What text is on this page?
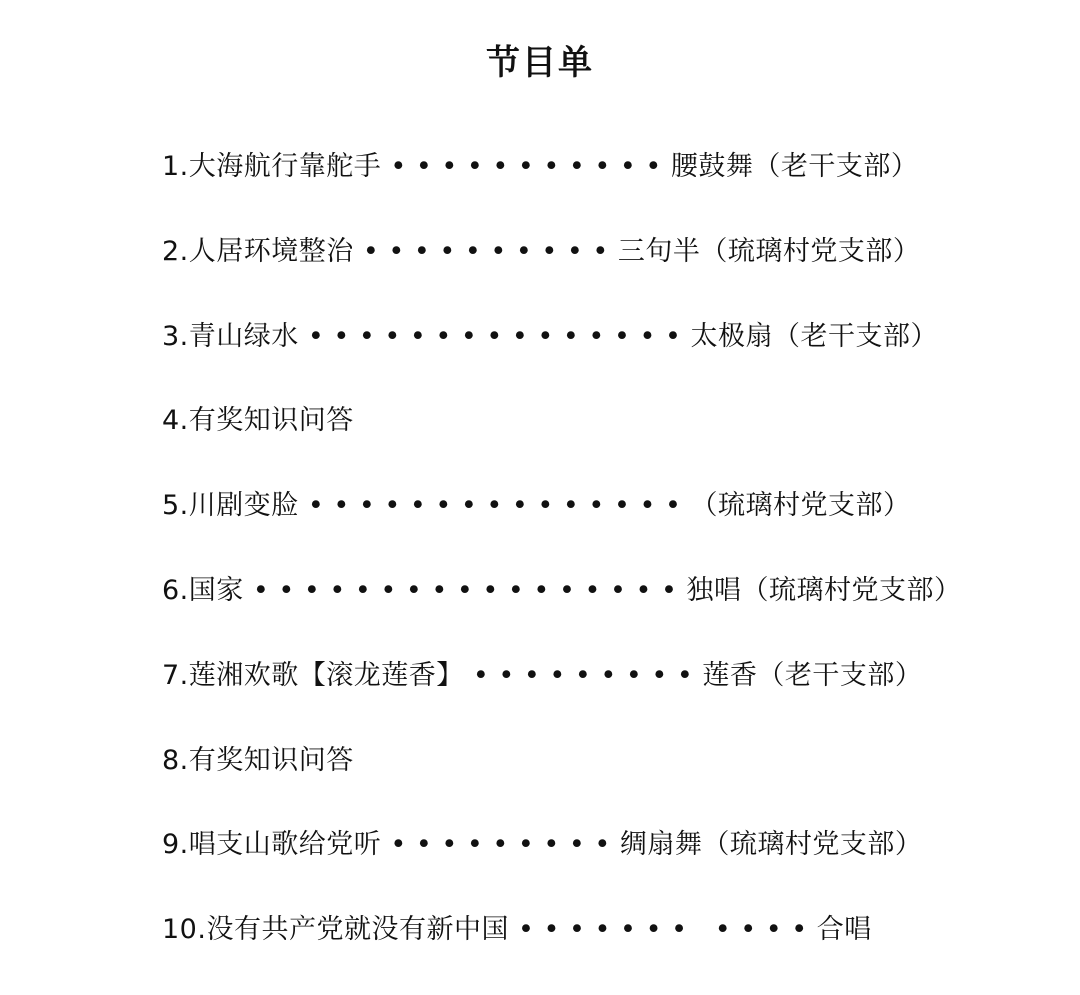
节目单
1.大海航行靠舵手 • • • • • • • • • • • 腰鼓舞（老干支部）
2.人居环境整治 • • • • • • • • • • 三句半（琉璃村党支部）
3.青山绿水 • • • • • • • • • • • • • • • 太极扇（老干支部）
4.有奖知识问答
5.川剧变脸 • • • • • • • • • • • • • • • （琉璃村党支部）
6.国家 • • • • • • • • • • • • • • • • • 独唱（琉璃村党支部）
7.莲湘欢歌【滚龙莲香】 • • • • • • • • • 莲香（老干支部）
8.有奖知识问答
9.唱支山歌给党听 • • • • • • • • • 绸扇舞（琉璃村党支部）
10.没有共产党就没有新中国 • • • • • • •   • • • • 合唱
